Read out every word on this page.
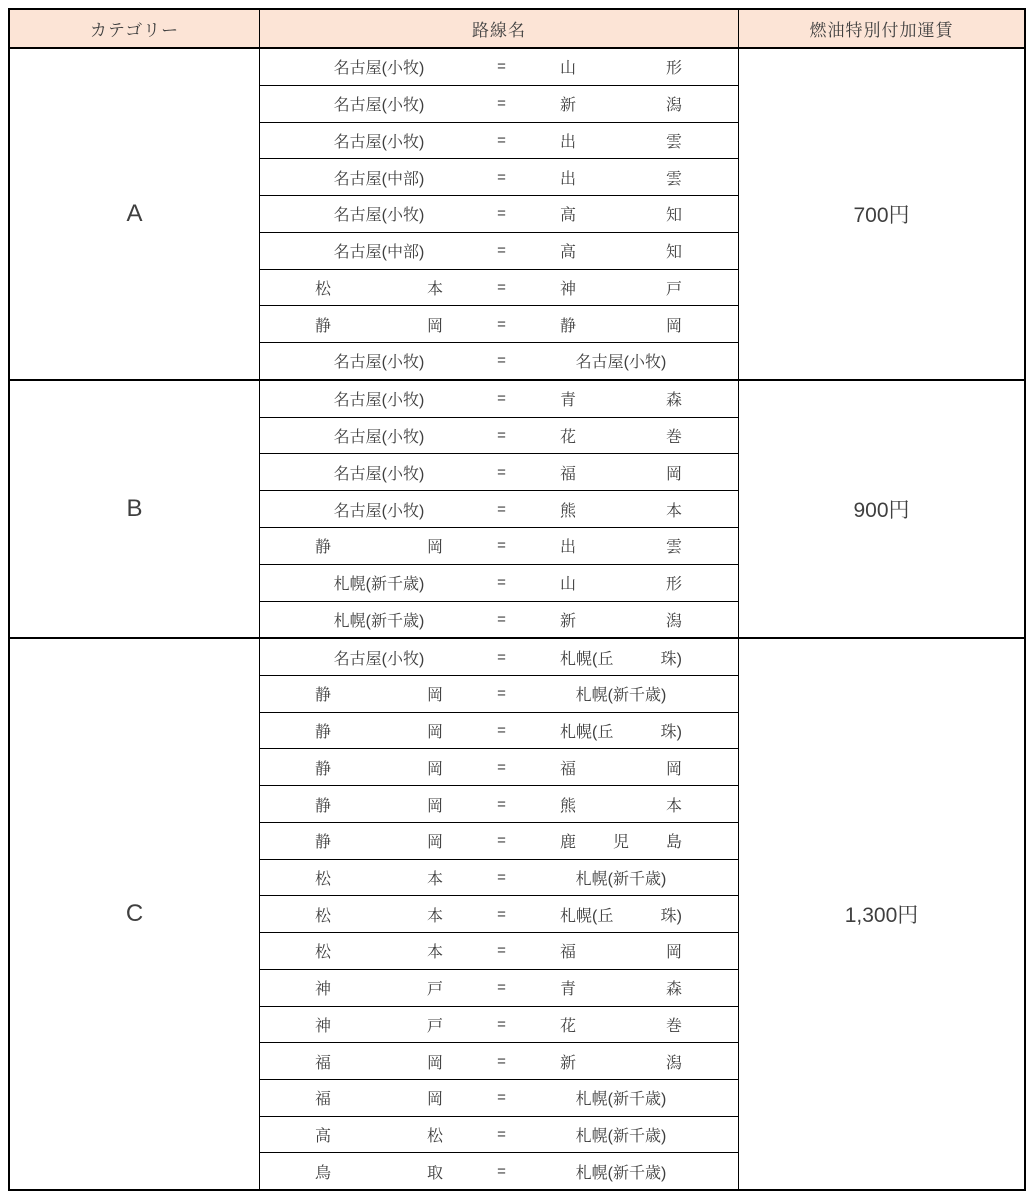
カテゴリー	路線名	燃油特別付加運賃
A
名古屋(小牧)	=	山	形
名古屋(小牧)	=	新	潟
名古屋(小牧)	=	出	雲
名古屋(中部)	=	出	雲
名古屋(小牧)	=	高	知
名古屋(中部)	=	高	知
松	本	=	神	戸
静	岡	=	静	岡
名古屋(小牧)	=	名古屋(小牧)
700円
B
名古屋(小牧)	=	青	森
名古屋(小牧)	=	花	巻
名古屋(小牧)	=	福	岡
名古屋(小牧)	=	熊	本
静	岡	=	出	雲
札幌(新千歳)	=	山	形
札幌(新千歳)	=	新	潟
900円
C
名古屋(小牧)	=	札幌(丘	珠)
静	岡	=	札幌(新千歳)
静	岡	=	札幌(丘	珠)
静	岡	=	福	岡
静	岡	=	熊	本
静	岡	=	鹿 児 島
松	本	=	札幌(新千歳)
松	本	=	札幌(丘	珠)
松	本	=	福	岡
神	戸	=	青	森
神	戸	=	花	巻
福	岡	=	新	潟
福	岡	=	札幌(新千歳)
高	松	=	札幌(新千歳)
鳥	取	=	札幌(新千歳)
1,300円
